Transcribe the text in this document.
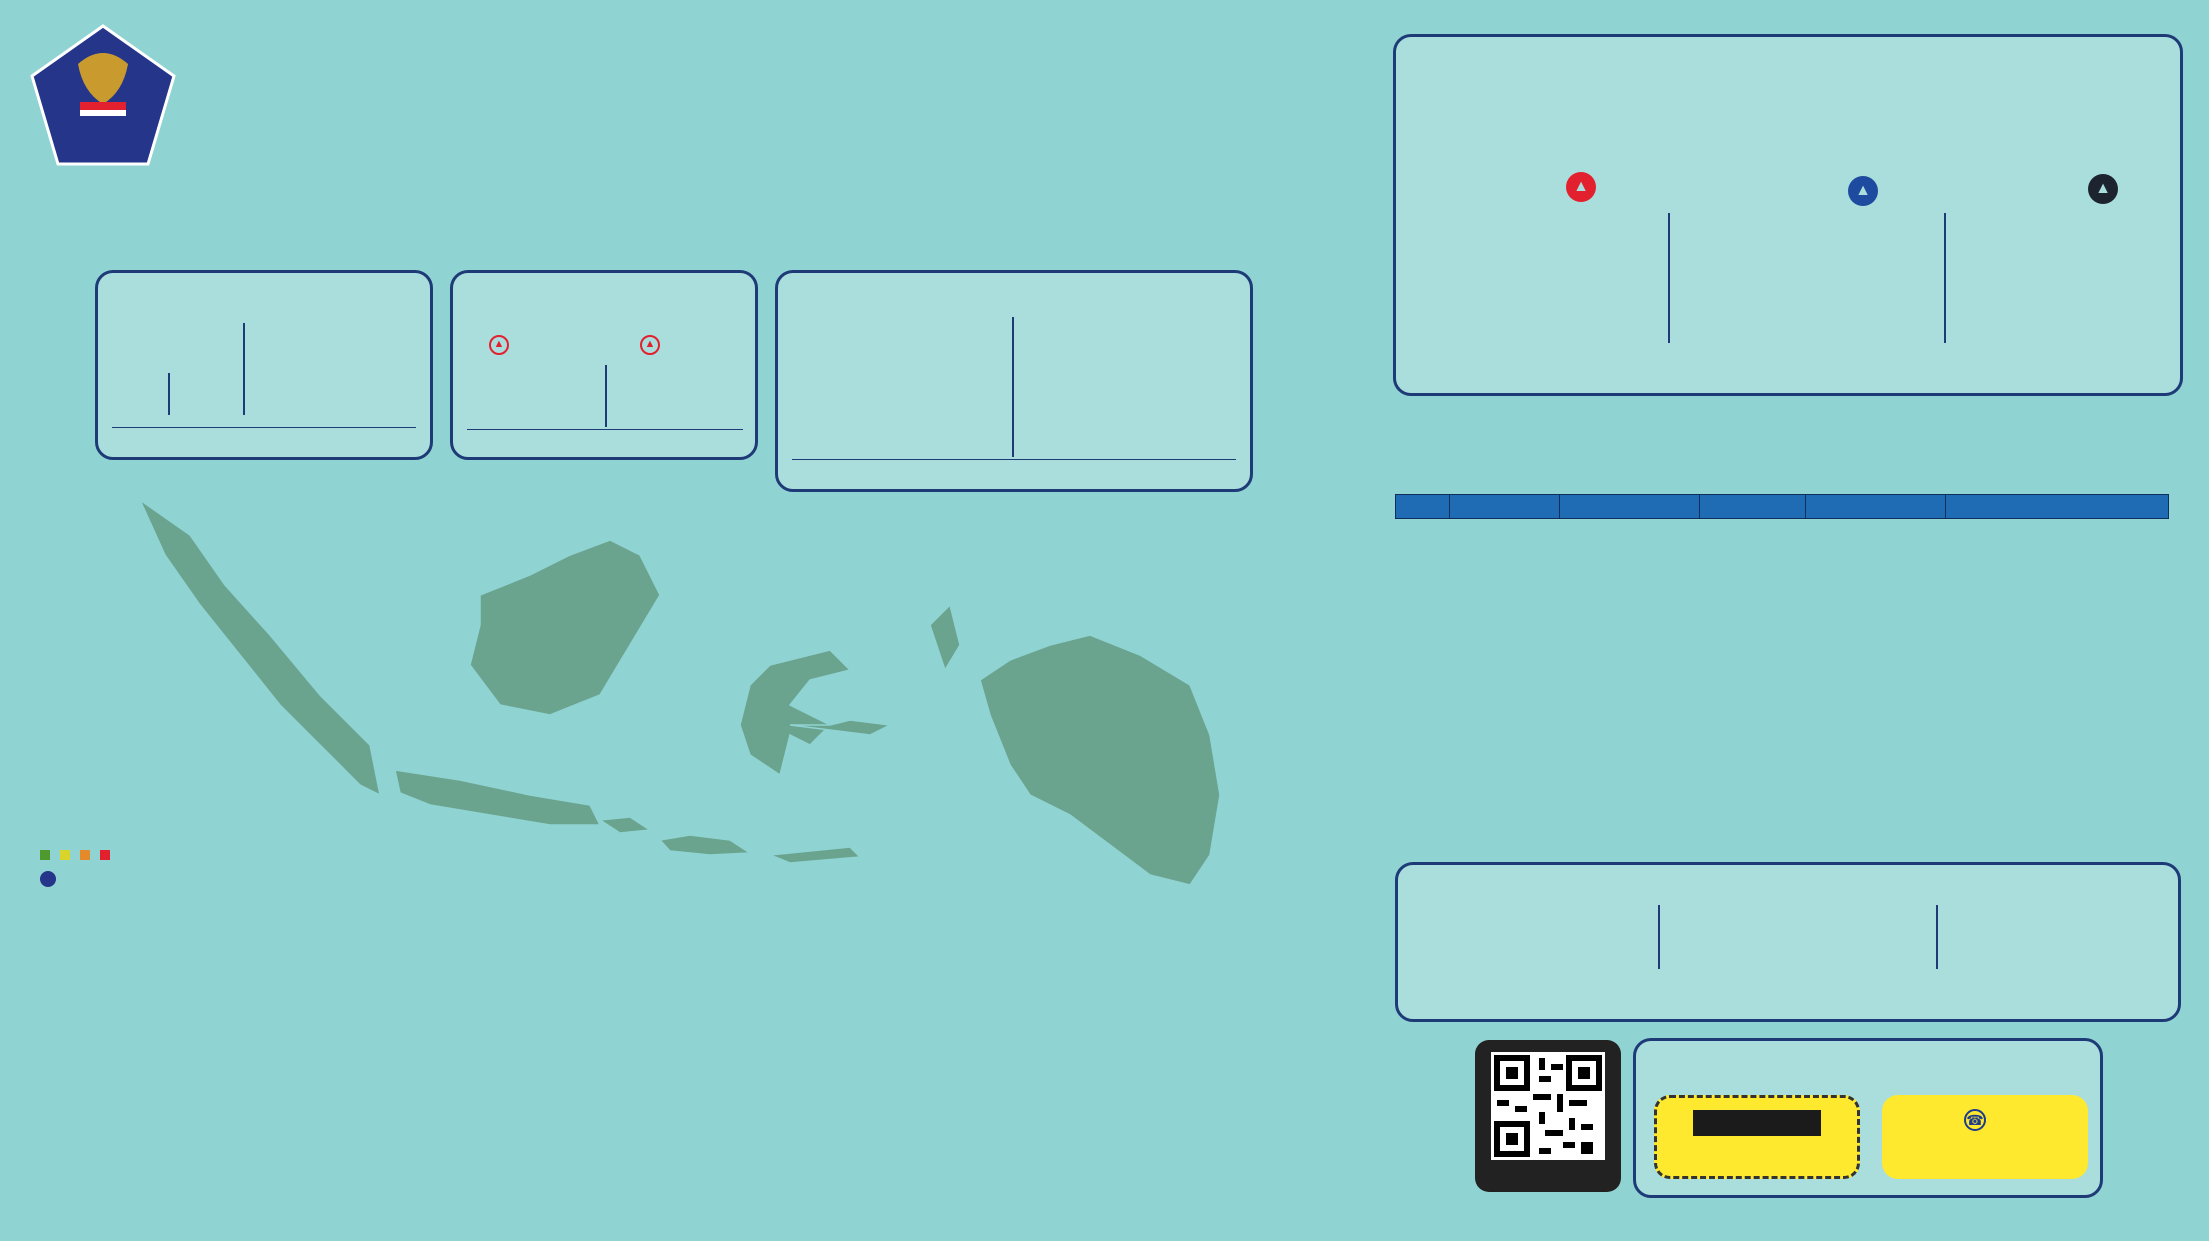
▲	▲
▲	▲	▲

☎
